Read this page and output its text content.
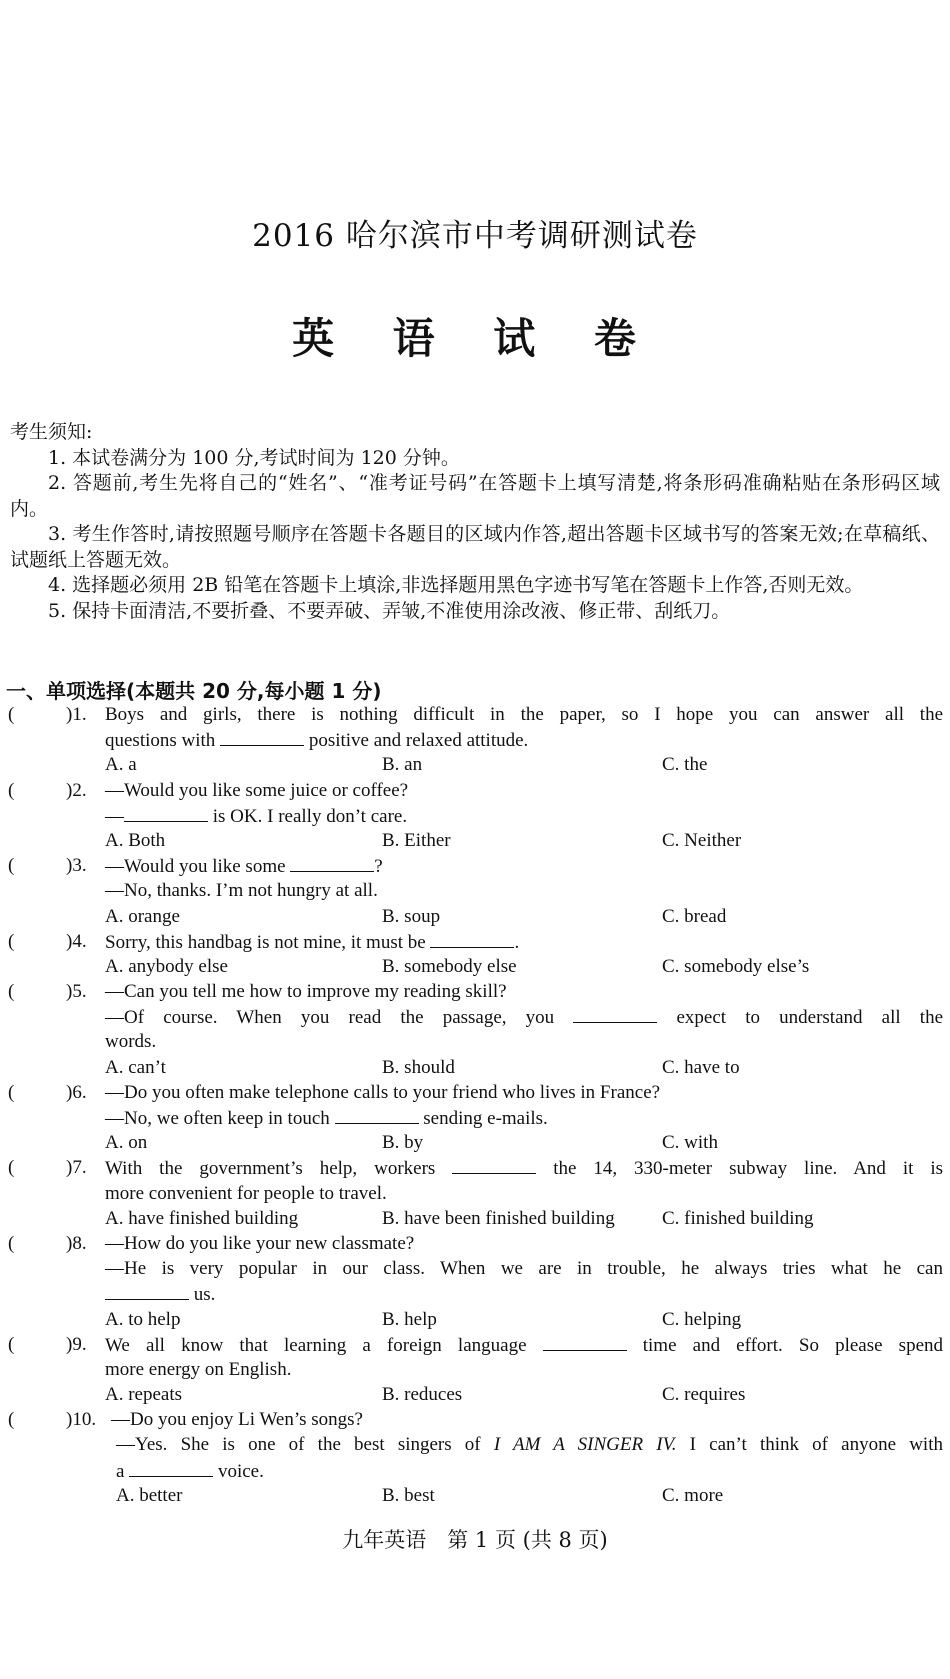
2016 哈尔滨市中考调研测试卷
英 语 试 卷

考生须知:

1. 本试卷满分为 100 分,考试时间为 120 分钟。

2. 答题前,考生先将自己的“姓名”、“准考证号码”在答题卡上填写清楚,将条形码准确粘贴在条形码区域内。

3. 考生作答时,请按照题号顺序在答题卡各题目的区域内作答,超出答题卡区域书写的答案无效;在草稿纸、试题纸上答题无效。

4. 选择题必须用 2B 铅笔在答题卡上填涂,非选择题用黑色字迹书写笔在答题卡上作答,否则无效。

5. 保持卡面清洁,不要折叠、不要弄破、弄皱,不准使用涂改液、修正带、刮纸刀。

一、单项选择(本题共 20 分,每小题 1 分)
(	)1. Boys and girls, there is nothing difficult in the paper, so I hope you can answer all the
questions with	positive and relaxed attitude.
A. a	B. an	C. the
(	)2. —Would you like some juice or coffee?
—	is OK. I really don’t care.
A. Both	B. Either	C. Neither
(	)3. —Would you like some	?
—No, thanks. I’m not hungry at all.
A. orange	B. soup	C. bread
(	)4. Sorry, this handbag is not mine, it must be	.
A. anybody else	B. somebody else	C. somebody else’s
(	)5. —Can you tell me how to improve my reading skill?
—Of course. When you read the passage, you	expect to understand all the
words.
A. can’t	B. should	C. have to
(	)6. —Do you often make telephone calls to your friend who lives in France?
—No, we often keep in touch	sending e-mails.
A. on	B. by	C. with
(	)7. With the government’s help, workers	the 14, 330-meter subway line. And it is
more convenient for people to travel.
A. have finished building	B. have been finished building C. finished building
(	)8. —How do you like your new classmate?
—He is very popular in our class. When we are in trouble, he always tries what he can
us.
A. to help	B. help	C. helping
(	)9. We all know that learning a foreign language	time and effort. So please spend
more energy on English.
A. repeats	B. reduces	C. requires
(	)10. —Do you enjoy Li Wen’s songs?
—Yes. She is one of the best singers of I AM A SINGER IV. I can’t think of anyone with
a	voice.
A. better	B. best	C. more
九年英语　第 1 页 (共 8 页)
